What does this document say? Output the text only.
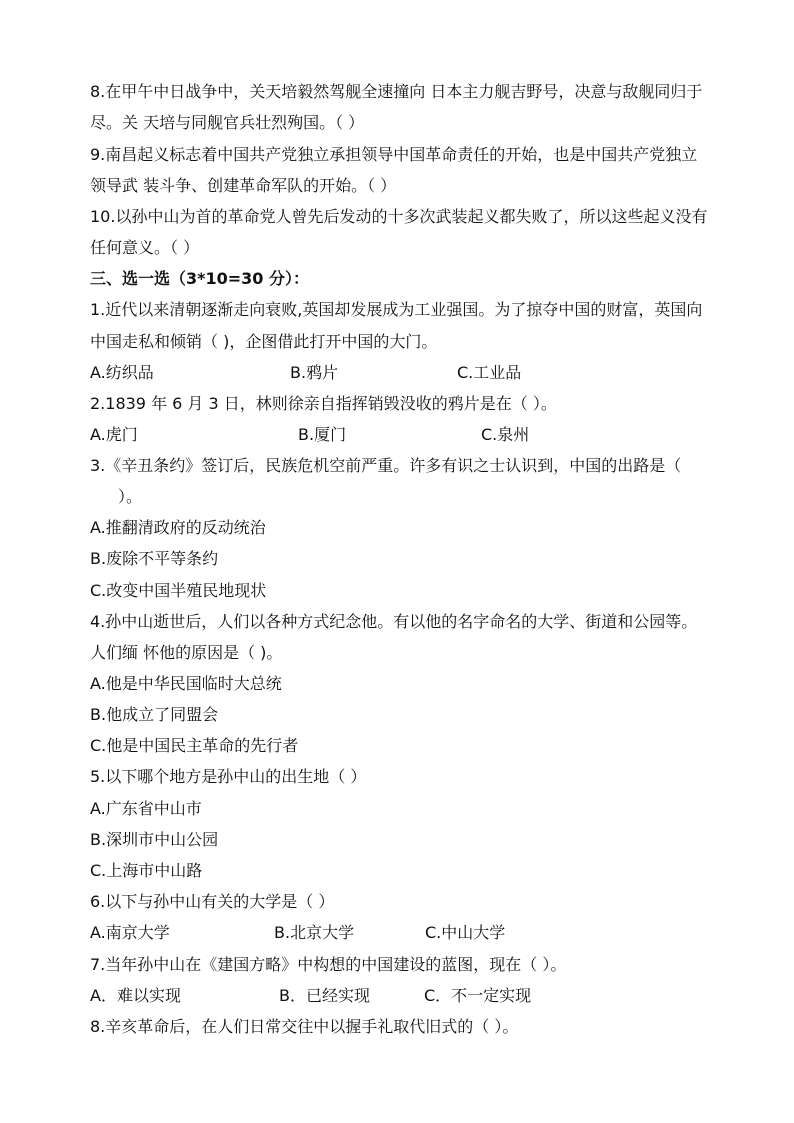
8.在甲午中日战争中，关天培毅然驾舰全速撞向 日本主力舰吉野号，决意与敌舰同归于
尽。关 天培与同舰官兵壮烈殉国。（ ）
9.南昌起义标志着中国共产党独立承担领导中国革命责任的开始，也是中国共产党独立
领导武 装斗争、创建革命军队的开始。（ ）
10.以孙中山为首的革命党人曾先后发动的十多次武装起义都失败了，所以这些起义没有
任何意义。（ ）
三、选一选（3*10=30 分）：
1.近代以来清朝逐渐走向衰败,英国却发展成为工业强国。为了掠夺中国的财富，英国向
中国走私和倾销（ )，企图借此打开中国的大门。
A.纺织品	B.鸦片	C.工业品
2.1839 年 6 月 3 日，林则徐亲自指挥销毁没收的鸦片是在（ ）。
A.虎门	B.厦门	C.泉州
3.《辛丑条约》签订后，民族危机空前严重。许多有识之士认识到，中国的出路是（
）。
A.推翻清政府的反动统治
B.废除不平等条约
C.改变中国半殖民地现状
4.孙中山逝世后，人们以各种方式纪念他。有以他的名字命名的大学、街道和公园等。
人们缅 怀他的原因是（ )。
A.他是中华民国临时大总统
B.他成立了同盟会
C.他是中国民主革命的先行者
5.以下哪个地方是孙中山的出生地（ ）
A.广东省中山市
B.深圳市中山公园
C.上海市中山路
6.以下与孙中山有关的大学是（ ）
A.南京大学	B.北京大学	C.中山大学
7.当年孙中山在《建国方略》中构想的中国建设的蓝图，现在（ ）。
A．难以实现	B．已经实现	C．不一定实现
8.辛亥革命后，在人们日常交往中以握手礼取代旧式的（ ）。
